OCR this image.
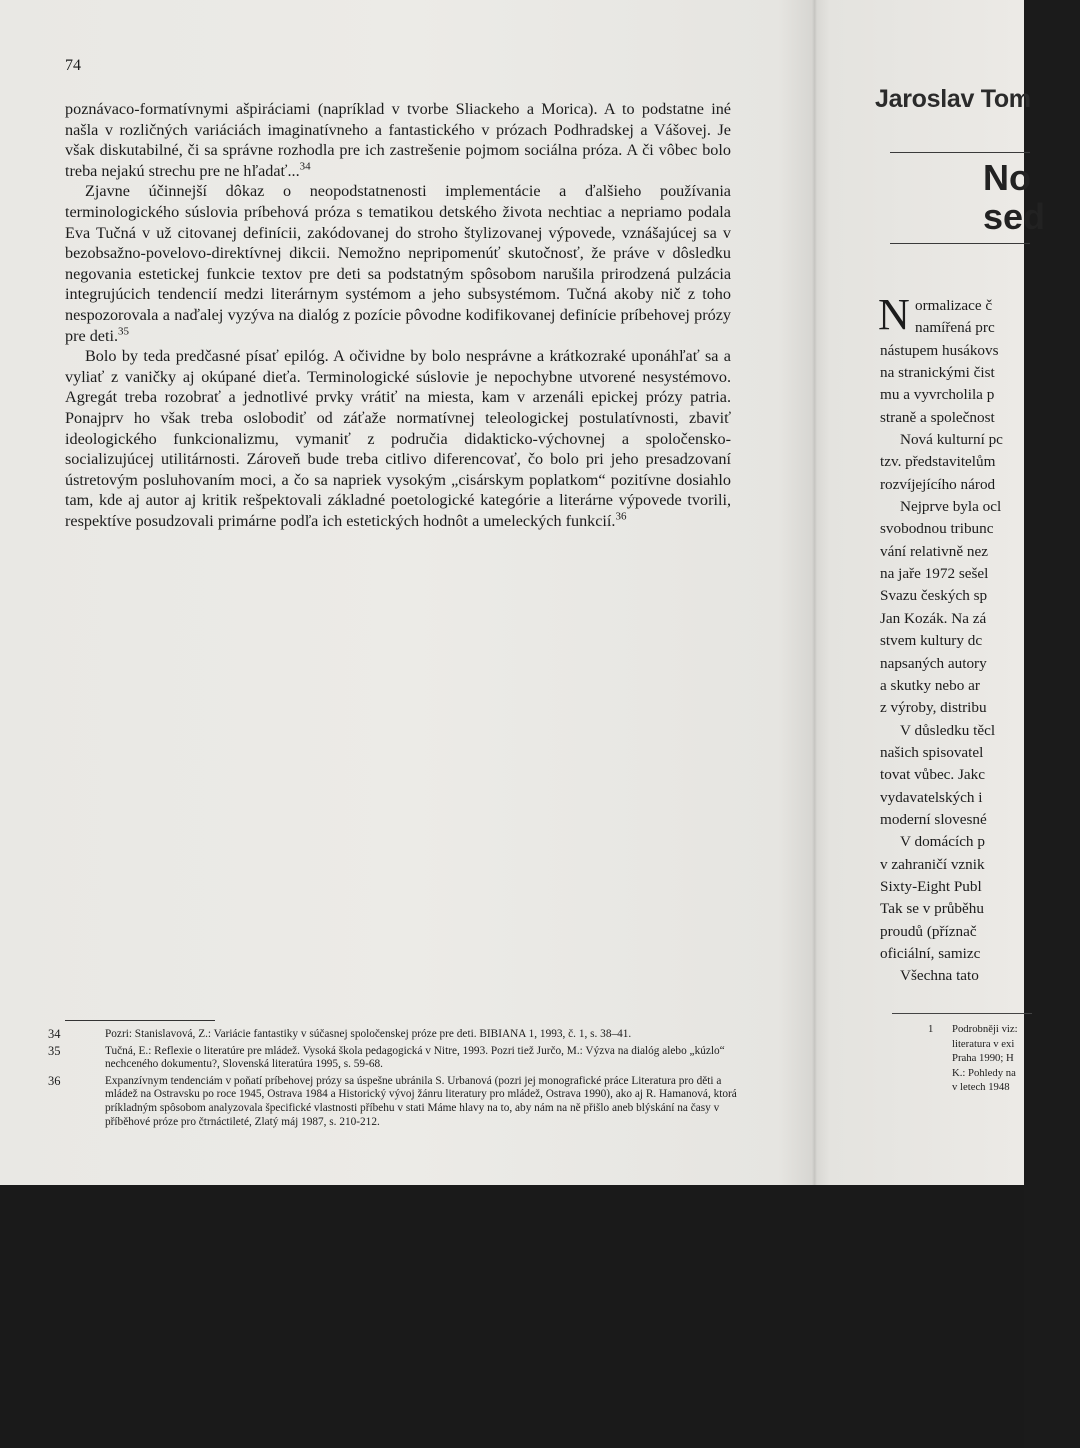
74

poznávaco-formatívnymi ašpiráciami (napríklad v tvorbe Sliackeho a Morica). A to podstatne iné našla v rozličných variáciách imaginatívneho a fantastického v prózach Podhradskej a Vášovej. Je však diskutabilné, či sa správne rozhodla pre ich zastrešenie pojmom sociálna próza. A či vôbec bolo treba nejakú strechu pre ne hľadať...$^{34}$

Zjavne účinnejší dôkaz o neopodstatnenosti implementácie a ďalšieho používania terminologického súslovia príbehová próza s tematikou detského života nechtiac a nepriamo podala Eva Tučná v už citovanej definícii, zakódovanej do stroho štylizovanej výpovede, vznášajúcej sa v bezobsažno-povelovo-direktívnej dikcii. Nemožno nepripomenúť skutočnosť, že práve v dôsledku negovania estetickej funkcie textov pre deti sa podstatným spôsobom narušila prirodzená pulzácia integrujúcich tendencií medzi literárnym systémom a jeho subsystémom. Tučná akoby nič z toho nespozorovala a naďalej vyzýva na dialóg z pozície pôvodne kodifikovanej definície príbehovej prózy pre deti.$^{35}$

Bolo by teda predčasné písať epilóg. A očividne by bolo nesprávne a krátkozraké uponáhľať sa a vyliať z vaničky aj okúpané dieťa. Terminologické súslovie je nepochybne utvorené nesystémovo. Agregát treba rozobrať a jednotlivé prvky vrátiť na miesta, kam v arzenáli epickej prózy patria. Ponajprv ho však treba oslobodiť od záťaže normatívnej teleologickej postulatívnosti, zbaviť ideologického funkcionalizmu, vymaniť z područia didakticko-výchovnej a spoločensko-socializujúcej utilitárnosti. Zároveň bude treba citlivo diferencovať, čo bolo pri jeho presadzovaní ústretovým posluhovaním moci, a čo sa napriek vysokým „cisárskym poplatkom“ pozitívne dosiahlo tam, kde aj autor aj kritik rešpektovali základné poetologické kategórie a literárne výpovede tvorili, respektíve posudzovali primárne podľa ich estetických hodnôt a umeleckých funkcií.$^{36}$

34	Pozri: Stanislavová, Z.: Variácie fantastiky v súčasnej spoločenskej próze pre deti. BIBIANA 1, 1993, č. 1, s. 38–41.
35	Tučná, E.: Reflexie o literatúre pre mládež. Vysoká škola pedagogická v Nitre, 1993. Pozri tiež Jurčo, M.: Výzva na dialóg alebo „kúzlo“ nechceného dokumentu?, Slovenská literatúra 1995, s. 59-68.
36	Expanzívnym tendenciám v poňatí príbehovej prózy sa úspešne ubránila S. Urbanová (pozri jej monografické práce Literatura pro děti a mládež na Ostravsku po roce 1945, Ostrava 1984 a Historický vývoj žánru literatury pro mládež, Ostrava 1990), ako aj R. Hamanová, ktorá príkladným spôsobom analyzovala špecifické vlastnosti příbehu v stati Máme hlavy na to, aby nám na ně přišlo aneb blýskání na časy v příběhové próze pro čtrnáctileté, Zlatý máj 1987, s. 210-212.
Jaroslav Tom
No
sed
N ormalizace č
namířená prc
nástupem husákovs
na stranickými čist
mu a vyvrcholila p
straně a společnost
Nová kulturní pc
tzv. představitelům
rozvíjejícího národ
Nejprve byla ocl
svobodnou tribunc
vání relativně nez
na jaře 1972 sešel
Svazu českých sp
Jan Kozák. Na zá
stvem kultury dc
napsaných autory
a skutky nebo ar
z výroby, distribu
V důsledku těcl
našich spisovatel
tovat vůbec. Jakc
vydavatelských i
moderní slovesné
V domácích p
v zahraničí vznik
Sixty-Eight Publ
Tak se v průběhu
proudů (příznač
oficiální, samizc
Všechna tato
1	Podrobněji viz:
literatura v exi
Praha 1990; H
K.: Pohledy na
v letech 1948
